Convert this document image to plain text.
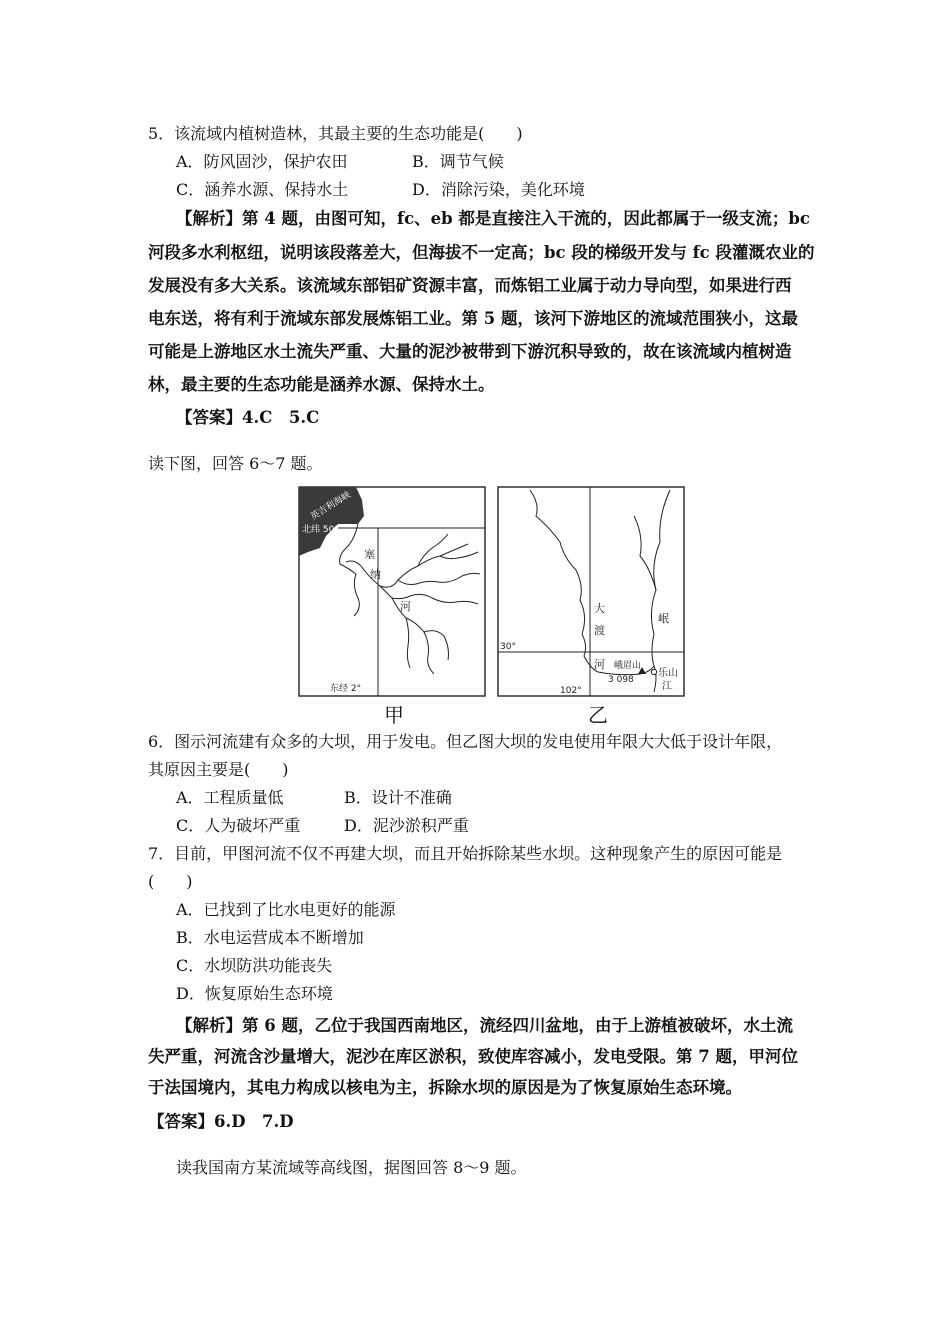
5．该流域内植树造林，其最主要的生态功能是(　　)
A．防风固沙，保护农田	B．调节气候
C．涵养水源、保持水土	D．消除污染，美化环境
【解析】第 4 题，由图可知，fc、eb 都是直接注入干流的，因此都属于一级支流；bc
河段多水利枢纽，说明该段落差大，但海拔不一定高；bc 段的梯级开发与 fc 段灌溉农业的
发展没有多大关系。该流域东部铝矿资源丰富，而炼铝工业属于动力导向型，如果进行西
电东送，将有利于流域东部发展炼铝工业。第 5 题，该河下游地区的流域范围狭小，这最
可能是上游地区水土流失严重、大量的泥沙被带到下游沉积导致的，故在该流域内植树造
林，最主要的生态功能是涵养水源、保持水土。
【答案】4.C　5.C
读下图，回答 6～7 题。
英吉利海峡
北纬 50°
东经 2°
塞
纳
河
30°
102°
大
渡
河
岷
峨眉山
3 098
乐山
江
甲	乙
6．图示河流建有众多的大坝，用于发电。但乙图大坝的发电使用年限大大低于设计年限，
其原因主要是(　　)
A．工程质量低	B．设计不准确
C．人为破坏严重	D．泥沙淤积严重
7．目前，甲图河流不仅不再建大坝，而且开始拆除某些水坝。这种现象产生的原因可能是
(　　)
A．已找到了比水电更好的能源
B．水电运营成本不断增加
C．水坝防洪功能丧失
D．恢复原始生态环境
【解析】第 6 题，乙位于我国西南地区，流经四川盆地，由于上游植被破坏，水土流
失严重，河流含沙量增大，泥沙在库区淤积，致使库容减小，发电受限。第 7 题，甲河位
于法国境内，其电力构成以核电为主，拆除水坝的原因是为了恢复原始生态环境。
【答案】6.D　7.D
读我国南方某流域等高线图，据图回答 8～9 题。
